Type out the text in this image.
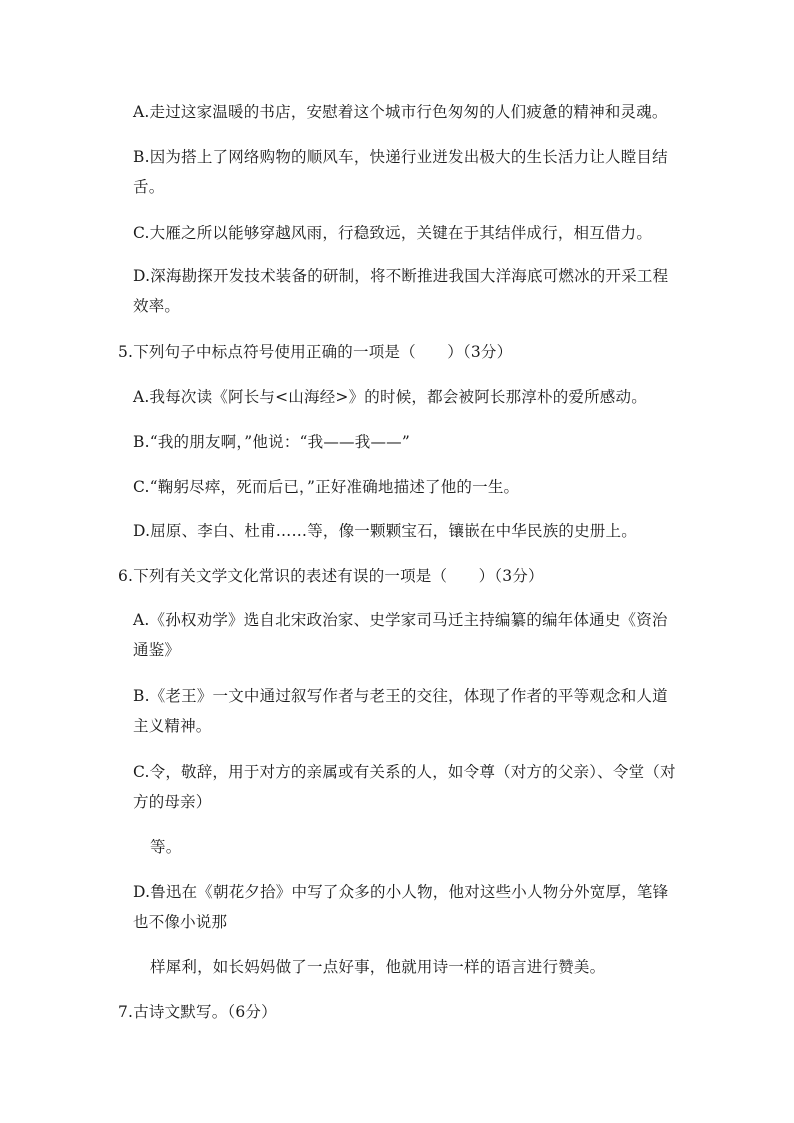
A.走过这家温暖的书店，安慰着这个城市行色匆匆的人们疲惫的精神和灵魂。
B.因为搭上了网络购物的顺风车，快递行业迸发出极大的生长活力让人瞠目结
舌。
C.大雁之所以能够穿越风雨，行稳致远，关键在于其结伴成行，相互借力。
D.深海勘探开发技术装备的研制，将不断推进我国大洋海底可燃冰的开采工程
效率。
5.下列句子中标点符号使用正确的一项是（　　）（3分）
A.我每次读《阿长与<山海经>》的时候，都会被阿长那淳朴的爱所感动。
B.“我的朋友啊，”他说：“我——我——”
C.“鞠躬尽瘁，死而后已，”正好准确地描述了他的一生。
D.屈原、李白、杜甫……等，像一颗颗宝石，镶嵌在中华民族的史册上。
6.下列有关文学文化常识的表述有误的一项是（　　）（3分）
A.《孙权劝学》选自北宋政治家、史学家司马迁主持编纂的编年体通史《资治
通鉴》
B.《老王》一文中通过叙写作者与老王的交往，体现了作者的平等观念和人道
主义精神。
C.令，敬辞，用于对方的亲属或有关系的人，如令尊（对方的父亲）、令堂（对
方的母亲）
等。
D.鲁迅在《朝花夕拾》中写了众多的小人物，他对这些小人物分外宽厚，笔锋
也不像小说那
样犀利，如长妈妈做了一点好事，他就用诗一样的语言进行赞美。
7.古诗文默写。（6分）
